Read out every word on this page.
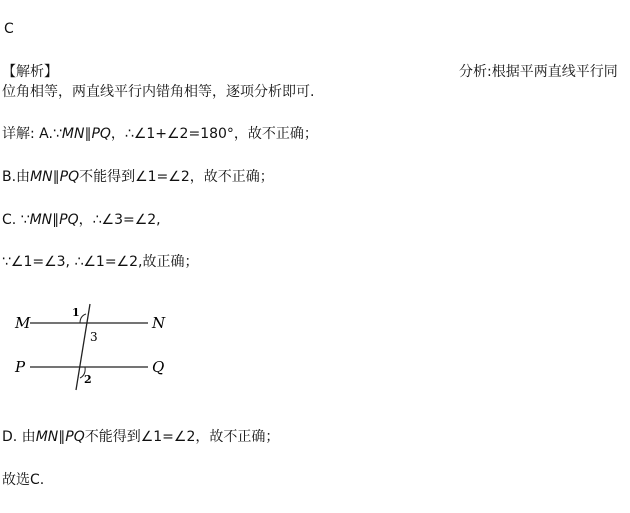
C
【解析】	分析:根据平两直线平行同
位角相等，两直线平行内错角相等，逐项分析即可.
详解: A.∵MN∥PQ，∴∠1+∠2=180°，故不正确；
B.由MN∥PQ不能得到∠1=∠2，故不正确；
C. ∵MN∥PQ，∴∠3=∠2,
∵∠1=∠3, ∴∠1=∠2,故正确；
M	N
P	Q
1
3
2
D. 由MN∥PQ不能得到∠1=∠2，故不正确；
故选C.
